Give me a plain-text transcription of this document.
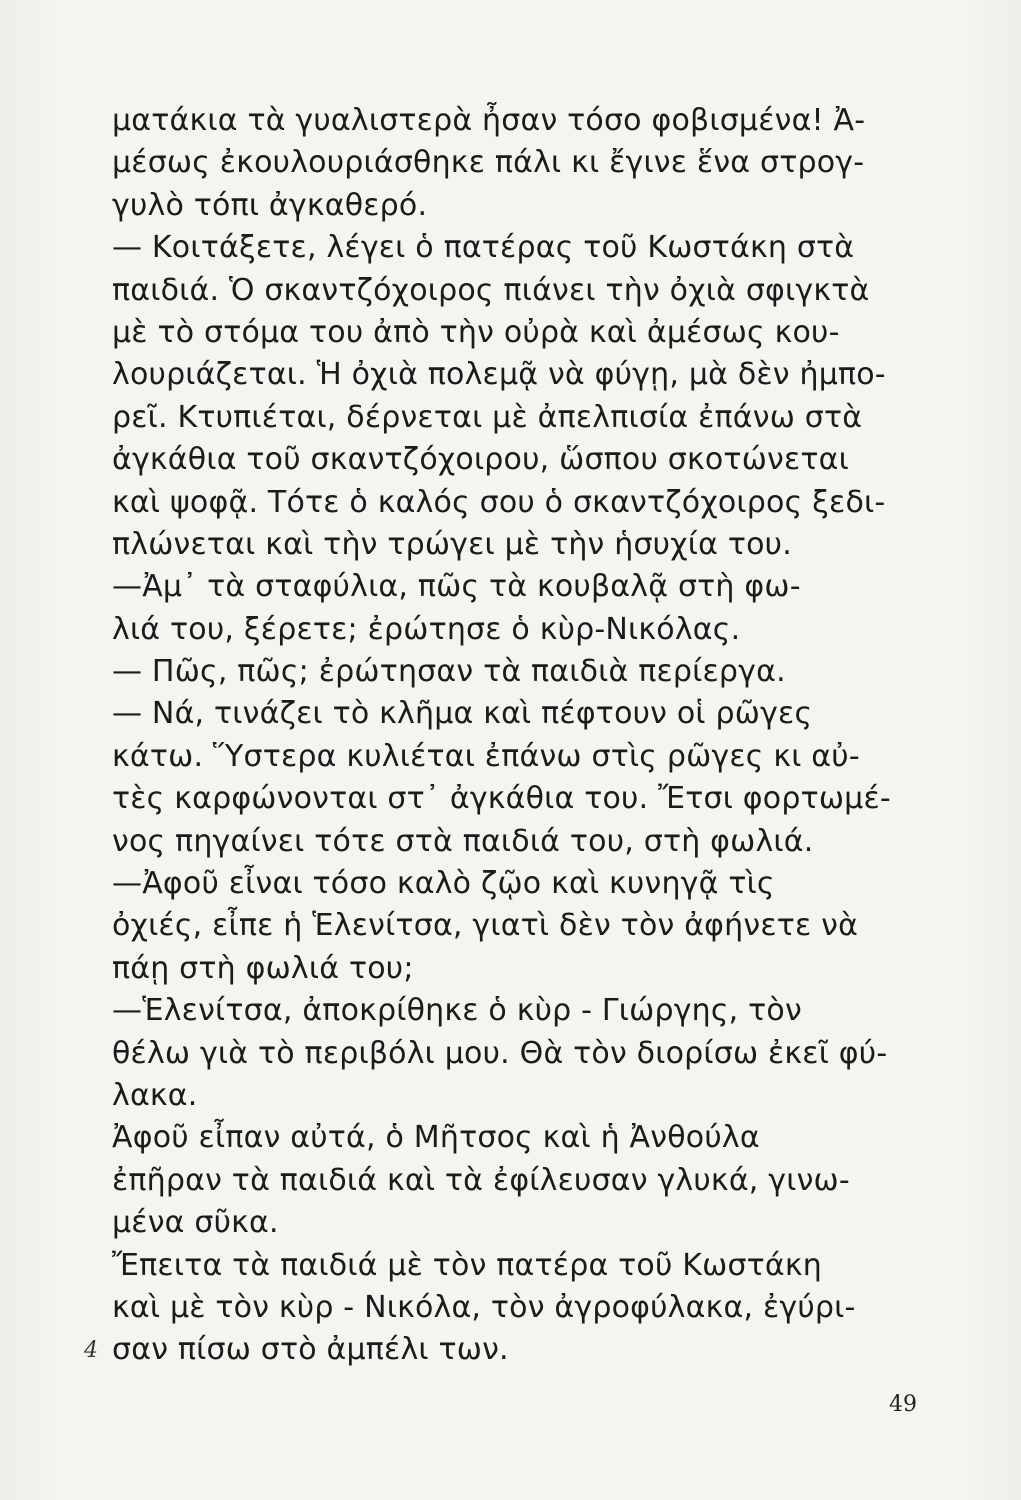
ματάκια τὰ γυαλιστερὰ ἦσαν τόσο φοβισμένα! Ἀ-
μέσως ἐκουλουριάσθηκε πάλι κι ἔγινε ἕνα στρογ-
γυλὸ τόπι ἀγκαθερό.
— Κοιτάξετε, λέγει ὁ πατέρας τοῦ Κωστάκη στὰ
παιδιά. Ὁ σκαντζόχοιρος πιάνει τὴν ὀχιὰ σφιγκτὰ
μὲ τὸ στόμα του ἀπὸ τὴν οὐρὰ καὶ ἀμέσως κου-
λουριάζεται. Ἡ ὀχιὰ πολεμᾷ νὰ φύγῃ, μὰ δὲν ἠμπο-
ρεῖ. Κτυπιέται, δέρνεται μὲ ἀπελπισία ἐπάνω στὰ
ἀγκάθια τοῦ σκαντζόχοιρου, ὥσπου σκοτώνεται
καὶ ψοφᾷ. Τότε ὁ καλός σου ὁ σκαντζόχοιρος ξεδι-
πλώνεται καὶ τὴν τρώγει μὲ τὴν ἡσυχία του.
—Ἀμ᾽ τὰ σταφύλια, πῶς τὰ κουβαλᾷ στὴ φω-
λιά του, ξέρετε; ἐρώτησε ὁ κὺρ-Νικόλας.
— Πῶς, πῶς; ἐρώτησαν τὰ παιδιὰ περίεργα.
— Νά, τινάζει τὸ κλῆμα καὶ πέφτουν οἱ ρῶγες
κάτω. Ὕστερα κυλιέται ἐπάνω στὶς ρῶγες κι αὐ-
τὲς καρφώνονται στ᾽ ἀγκάθια του. Ἔτσι φορτωμέ-
νος πηγαίνει τότε στὰ παιδιά του, στὴ φωλιά.
—Ἀφοῦ εἶναι τόσο καλὸ ζῷο καὶ κυνηγᾷ τὶς
ὀχιές, εἶπε ἡ Ἑλενίτσα, γιατὶ δὲν τὸν ἀφήνετε νὰ
πάῃ στὴ φωλιά του;
—Ἑλενίτσα, ἀποκρίθηκε ὁ κὺρ - Γιώργης, τὸν
θέλω γιὰ τὸ περιβόλι μου. Θὰ τὸν διορίσω ἐκεῖ φύ-
λακα.
Ἀφοῦ εἶπαν αὐτά, ὁ Μῆτσος καὶ ἡ Ἀνθούλα
ἐπῆραν τὰ παιδιά καὶ τὰ ἐφίλευσαν γλυκά, γινω-
μένα σῦκα.
Ἔπειτα τὰ παιδιά μὲ τὸν πατέρα τοῦ Κωστάκη
καὶ μὲ τὸν κὺρ - Νικόλα, τὸν ἀγροφύλακα, ἐγύρι-
σαν πίσω στὸ ἀμπέλι των.
4
49
